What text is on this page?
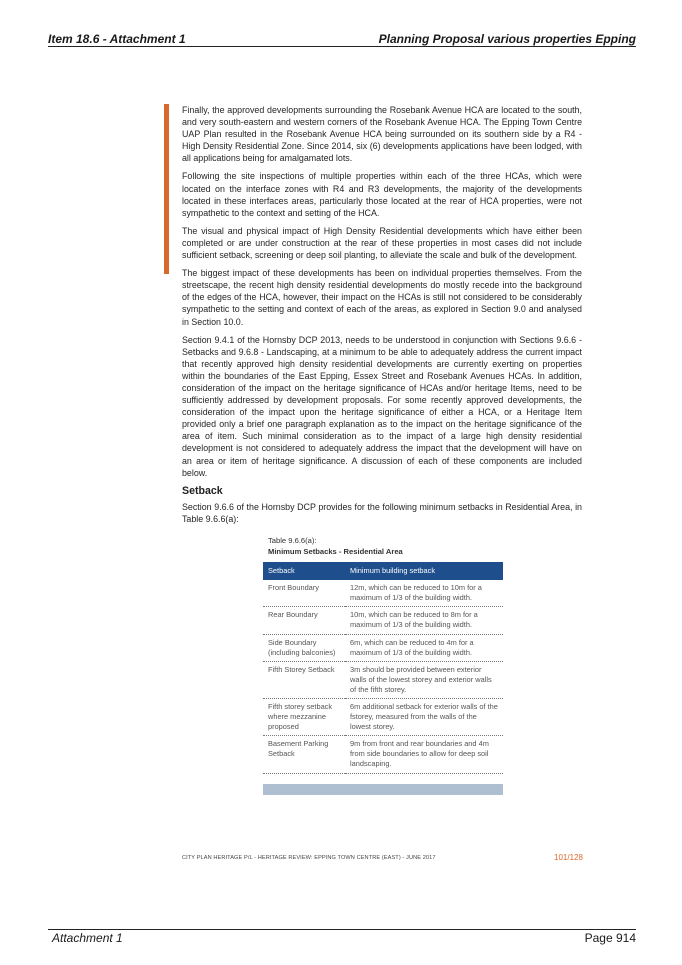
Item 18.6 - Attachment 1	Planning Proposal various properties Epping

Finally, the approved developments surrounding the Rosebank Avenue HCA are located to the south, and very south-eastern and western corners of the Rosebank Avenue HCA. The Epping Town Centre UAP Plan resulted in the Rosebank Avenue HCA being surrounded on its southern side by a R4 - High Density Residential Zone. Since 2014, six (6) developments applications have been lodged, with all applications being for amalgamated lots.

Following the site inspections of multiple properties within each of the three HCAs, which were located on the interface zones with R4 and R3 developments, the majority of the developments located in these interfaces areas, particularly those located at the rear of HCA properties, were not sympathetic to the context and setting of the HCA.

The visual and physical impact of High Density Residential developments which have either been completed or are under construction at the rear of these properties in most cases did not include sufficient setback, screening or deep soil planting, to alleviate the scale and bulk of the development.

The biggest impact of these developments has been on individual properties themselves. From the streetscape, the recent high density residential developments do mostly recede into the background of the edges of the HCA, however, their impact on the HCAs is still not considered to be considerably sympathetic to the setting and context of each of the areas, as explored in Section 9.0 and analysed in Section 10.0.

Section 9.4.1 of the Hornsby DCP 2013, needs to be understood in conjunction with Sections 9.6.6 - Setbacks and 9.6.8 - Landscaping, at a minimum to be able to adequately address the current impact that recently approved high density residential developments are currently exerting on properties within the boundaries of the East Epping, Essex Street and Rosebank Avenues HCAs. In addition, consideration of the impact on the heritage significance of HCAs and/or heritage Items, need to be sufficiently addressed by development proposals. For some recently approved developments, the consideration of the impact upon the heritage significance of either a HCA, or a Heritage Item provided only a brief one paragraph explanation as to the impact on the heritage significance of the area of item. Such minimal consideration as to the impact of a large high density residential development is not considered to adequately address the impact that the development will have on an area or item of heritage significance. A discussion of each of these components are included below.

Setback

Section 9.6.6 of the Hornsby DCP provides for the following minimum setbacks in Residential Area, in Table 9.6.6(a):

Table 9.6.6(a):
Minimum Setbacks - Residential Area
Setback	Minimum building setback
Front Boundary	12m, which can be reduced to 10m for a maximum of 1/3 of the building width.
Rear Boundary	10m, which can be reduced to 8m for a maximum of 1/3 of the building width.
Side Boundary (including balconies)	6m, which can be reduced to 4m for a maximum of 1/3 of the building width.
Fifth Storey Setback	3m should be provided between exterior walls of the lowest storey and exterior walls of the fifth storey.
Fifth storey setback where mezzanine proposed	6m additional setback for exterior walls of the fstorey, measured from the walls of the lowest storey.
Basement Parking Setback	9m from front and rear boundaries and 4m from side boundaries to allow for deep soil landscaping.
CITY PLAN HERITAGE P/L - HERITAGE REVIEW: EPPING TOWN CENTRE (EAST) - JUNE 2017	101/128
Attachment 1	Page 914
